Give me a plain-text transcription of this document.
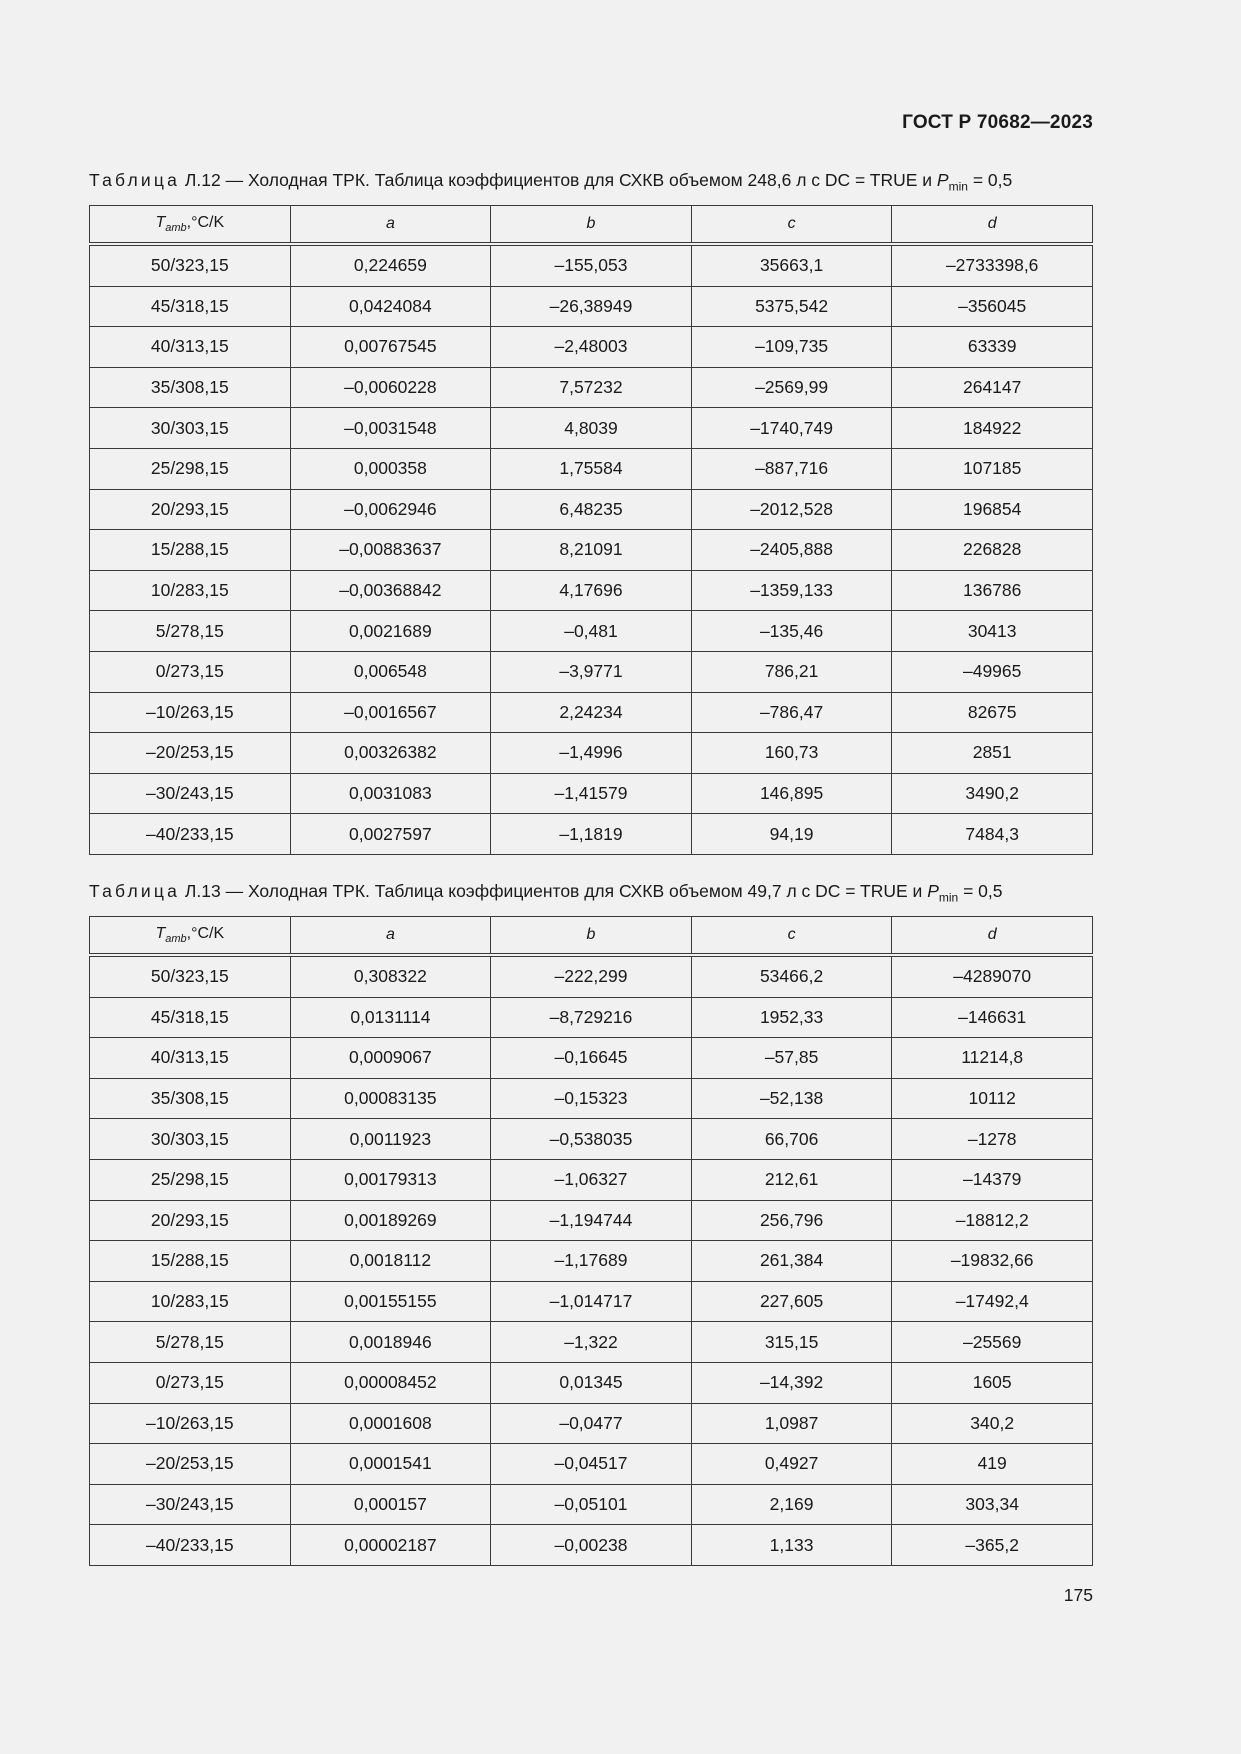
ГОСТ Р 70682—2023
Таблица Л.12 — Холодная ТРК. Таблица коэффициентов для СХКВ объемом 248,6 л с DC = TRUE и $P_{min} = 0,5$
$T_{amb},^\circ C/K$	a	b	c	d
50/323,15	0,224659	–155,053	35663,1	–2733398,6
45/318,15	0,0424084	–26,38949	5375,542	–356045
40/313,15	0,00767545	–2,48003	–109,735	63339
35/308,15	–0,0060228	7,57232	–2569,99	264147
30/303,15	–0,0031548	4,8039	–1740,749	184922
25/298,15	0,000358	1,75584	–887,716	107185
20/293,15	–0,0062946	6,48235	–2012,528	196854
15/288,15	–0,00883637	8,21091	–2405,888	226828
10/283,15	–0,00368842	4,17696	–1359,133	136786
5/278,15	0,0021689	–0,481	–135,46	30413
0/273,15	0,006548	–3,9771	786,21	–49965
–10/263,15	–0,0016567	2,24234	–786,47	82675
–20/253,15	0,00326382	–1,4996	160,73	2851
–30/243,15	0,0031083	–1,41579	146,895	3490,2
–40/233,15	0,0027597	–1,1819	94,19	7484,3
Таблица Л.13 — Холодная ТРК. Таблица коэффициентов для СХКВ объемом 49,7 л с DC = TRUE и $P_{min} = 0,5$
$T_{amb},^\circ C/K$	a	b	c	d
50/323,15	0,308322	–222,299	53466,2	–4289070
45/318,15	0,0131114	–8,729216	1952,33	–146631
40/313,15	0,0009067	–0,16645	–57,85	11214,8
35/308,15	0,00083135	–0,15323	–52,138	10112
30/303,15	0,0011923	–0,538035	66,706	–1278
25/298,15	0,00179313	–1,06327	212,61	–14379
20/293,15	0,00189269	–1,194744	256,796	–18812,2
15/288,15	0,0018112	–1,17689	261,384	–19832,66
10/283,15	0,00155155	–1,014717	227,605	–17492,4
5/278,15	0,0018946	–1,322	315,15	–25569
0/273,15	0,00008452	0,01345	–14,392	1605
–10/263,15	0,0001608	–0,0477	1,0987	340,2
–20/253,15	0,0001541	–0,04517	0,4927	419
–30/243,15	0,000157	–0,05101	2,169	303,34
–40/233,15	0,00002187	–0,00238	1,133	–365,2
175
